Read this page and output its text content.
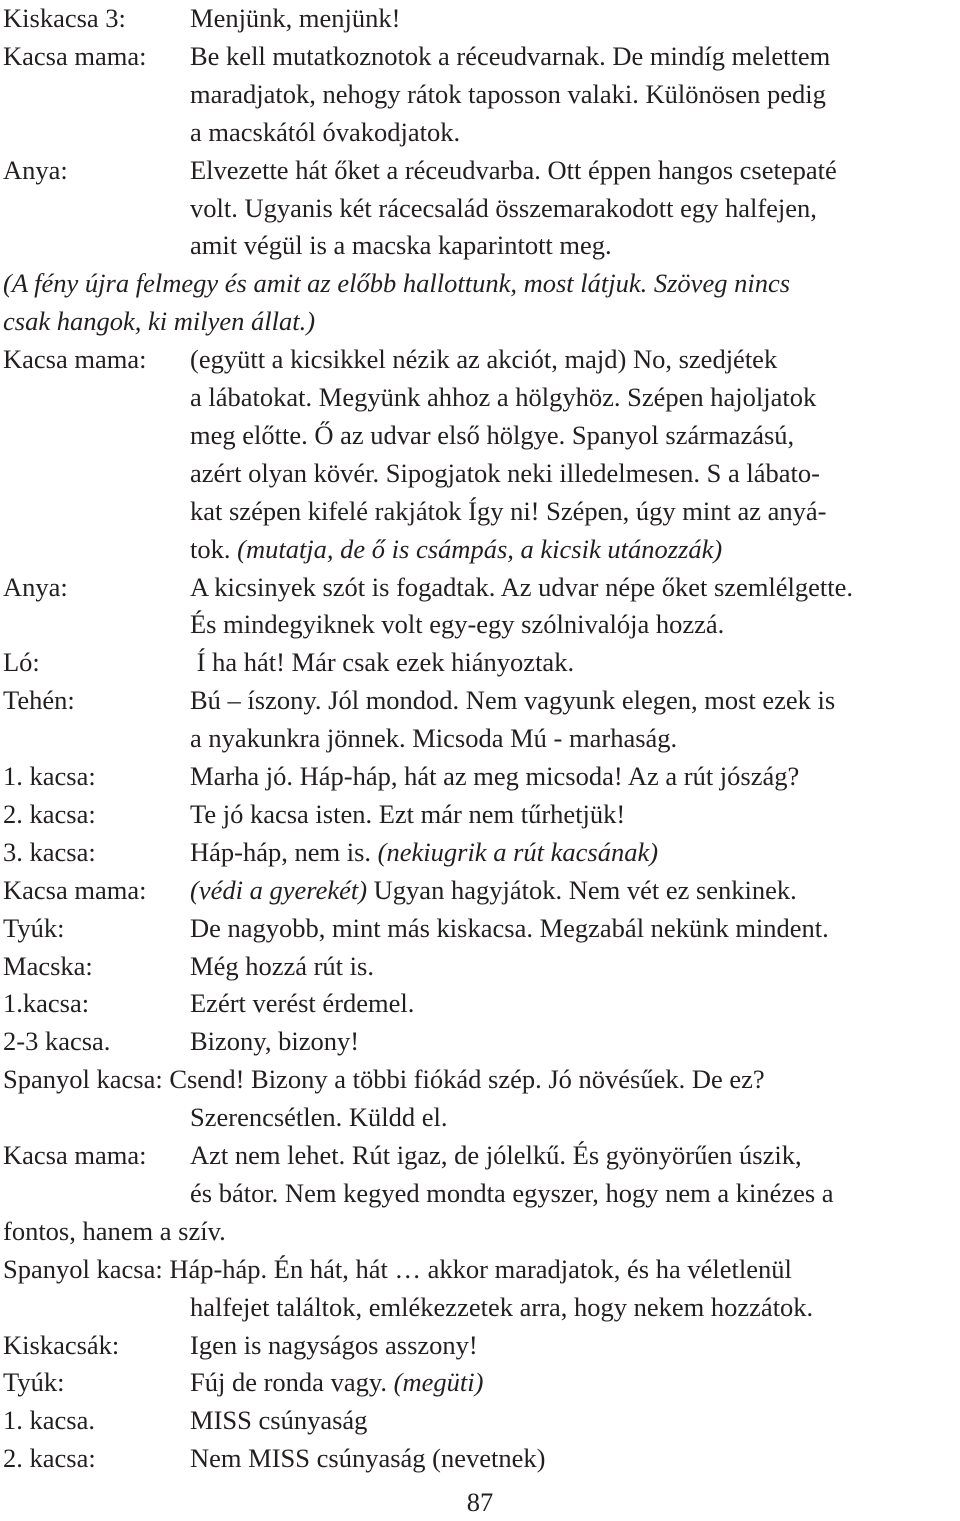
Kiskacsa 3: Menjünk, menjünk!
Kacsa mama: Be kell mutatkoznotok a réceudvarnak. De mindíg melettem
maradjatok, nehogy rátok taposson valaki. Különösen pedig
a macskától óvakodjatok.
Anya:	Elvezette hát őket a réceudvarba. Ott éppen hangos csetepaté
volt. Ugyanis két rácecsalád összemarakodott egy halfejen,
amit végül is a macska kaparintott meg.
(A fény újra felmegy és amit az előbb hallottunk, most látjuk. Szöveg nincs
csak hangok, ki milyen állat.)
Kacsa mama: (együtt a kicsikkel nézik az akciót, majd) No, szedjétek
a lábatokat. Megyünk ahhoz a hölgyhöz. Szépen hajoljatok
meg előtte. Ő az udvar első hölgye. Spanyol származású,
azért olyan kövér. Sipogjatok neki illedelmesen. S a lábato-
kat szépen kifelé rakjátok Így ni! Szépen, úgy mint az anyá-
tok. (mutatja, de ő is csámpás, a kicsik utánozzák)
Anya:	A kicsinyek szót is fogadtak. Az udvar népe őket szemlélgette.
És mindegyiknek volt egy-egy szólnivalója hozzá.
Ló:	Í ha hát! Már csak ezek hiányoztak.
Tehén:	Bú – íszony. Jól mondod. Nem vagyunk elegen, most ezek is
a nyakunkra jönnek. Micsoda Mú - marhaság.
1. kacsa:	Marha jó. Háp-háp, hát az meg micsoda! Az a rút jószág?
2. kacsa:	Te jó kacsa isten. Ezt már nem tűrhetjük!
3. kacsa:	Háp-háp, nem is. (nekiugrik a rút kacsának)
Kacsa mama: (védi a gyerekét) Ugyan hagyjátok. Nem vét ez senkinek.
Tyúk:	De nagyobb, mint más kiskacsa. Megzabál nekünk mindent.
Macska:	Még hozzá rút is.
1.kacsa:	Ezért verést érdemel.
2-3 kacsa.	Bizony, bizony!
Spanyol kacsa: Csend! Bizony a többi fiókád szép. Jó növésűek. De ez?
Szerencsétlen. Küldd el.
Kacsa mama: Azt nem lehet. Rút igaz, de jólelkű. És gyönyörűen úszik,
és bátor. Nem kegyed mondta egyszer, hogy nem a kinézes a
fontos, hanem a szív.
Spanyol kacsa: Háp-háp. Én hát, hát … akkor maradjatok, és ha véletlenül
halfejet találtok, emlékezzetek arra, hogy nekem hozzátok.
Kiskacsák:	Igen is nagyságos asszony!
Tyúk:	Fúj de ronda vagy. (megüti)
1. kacsa.	MISS csúnyaság
2. kacsa:	Nem MISS csúnyaság (nevetnek)
87
